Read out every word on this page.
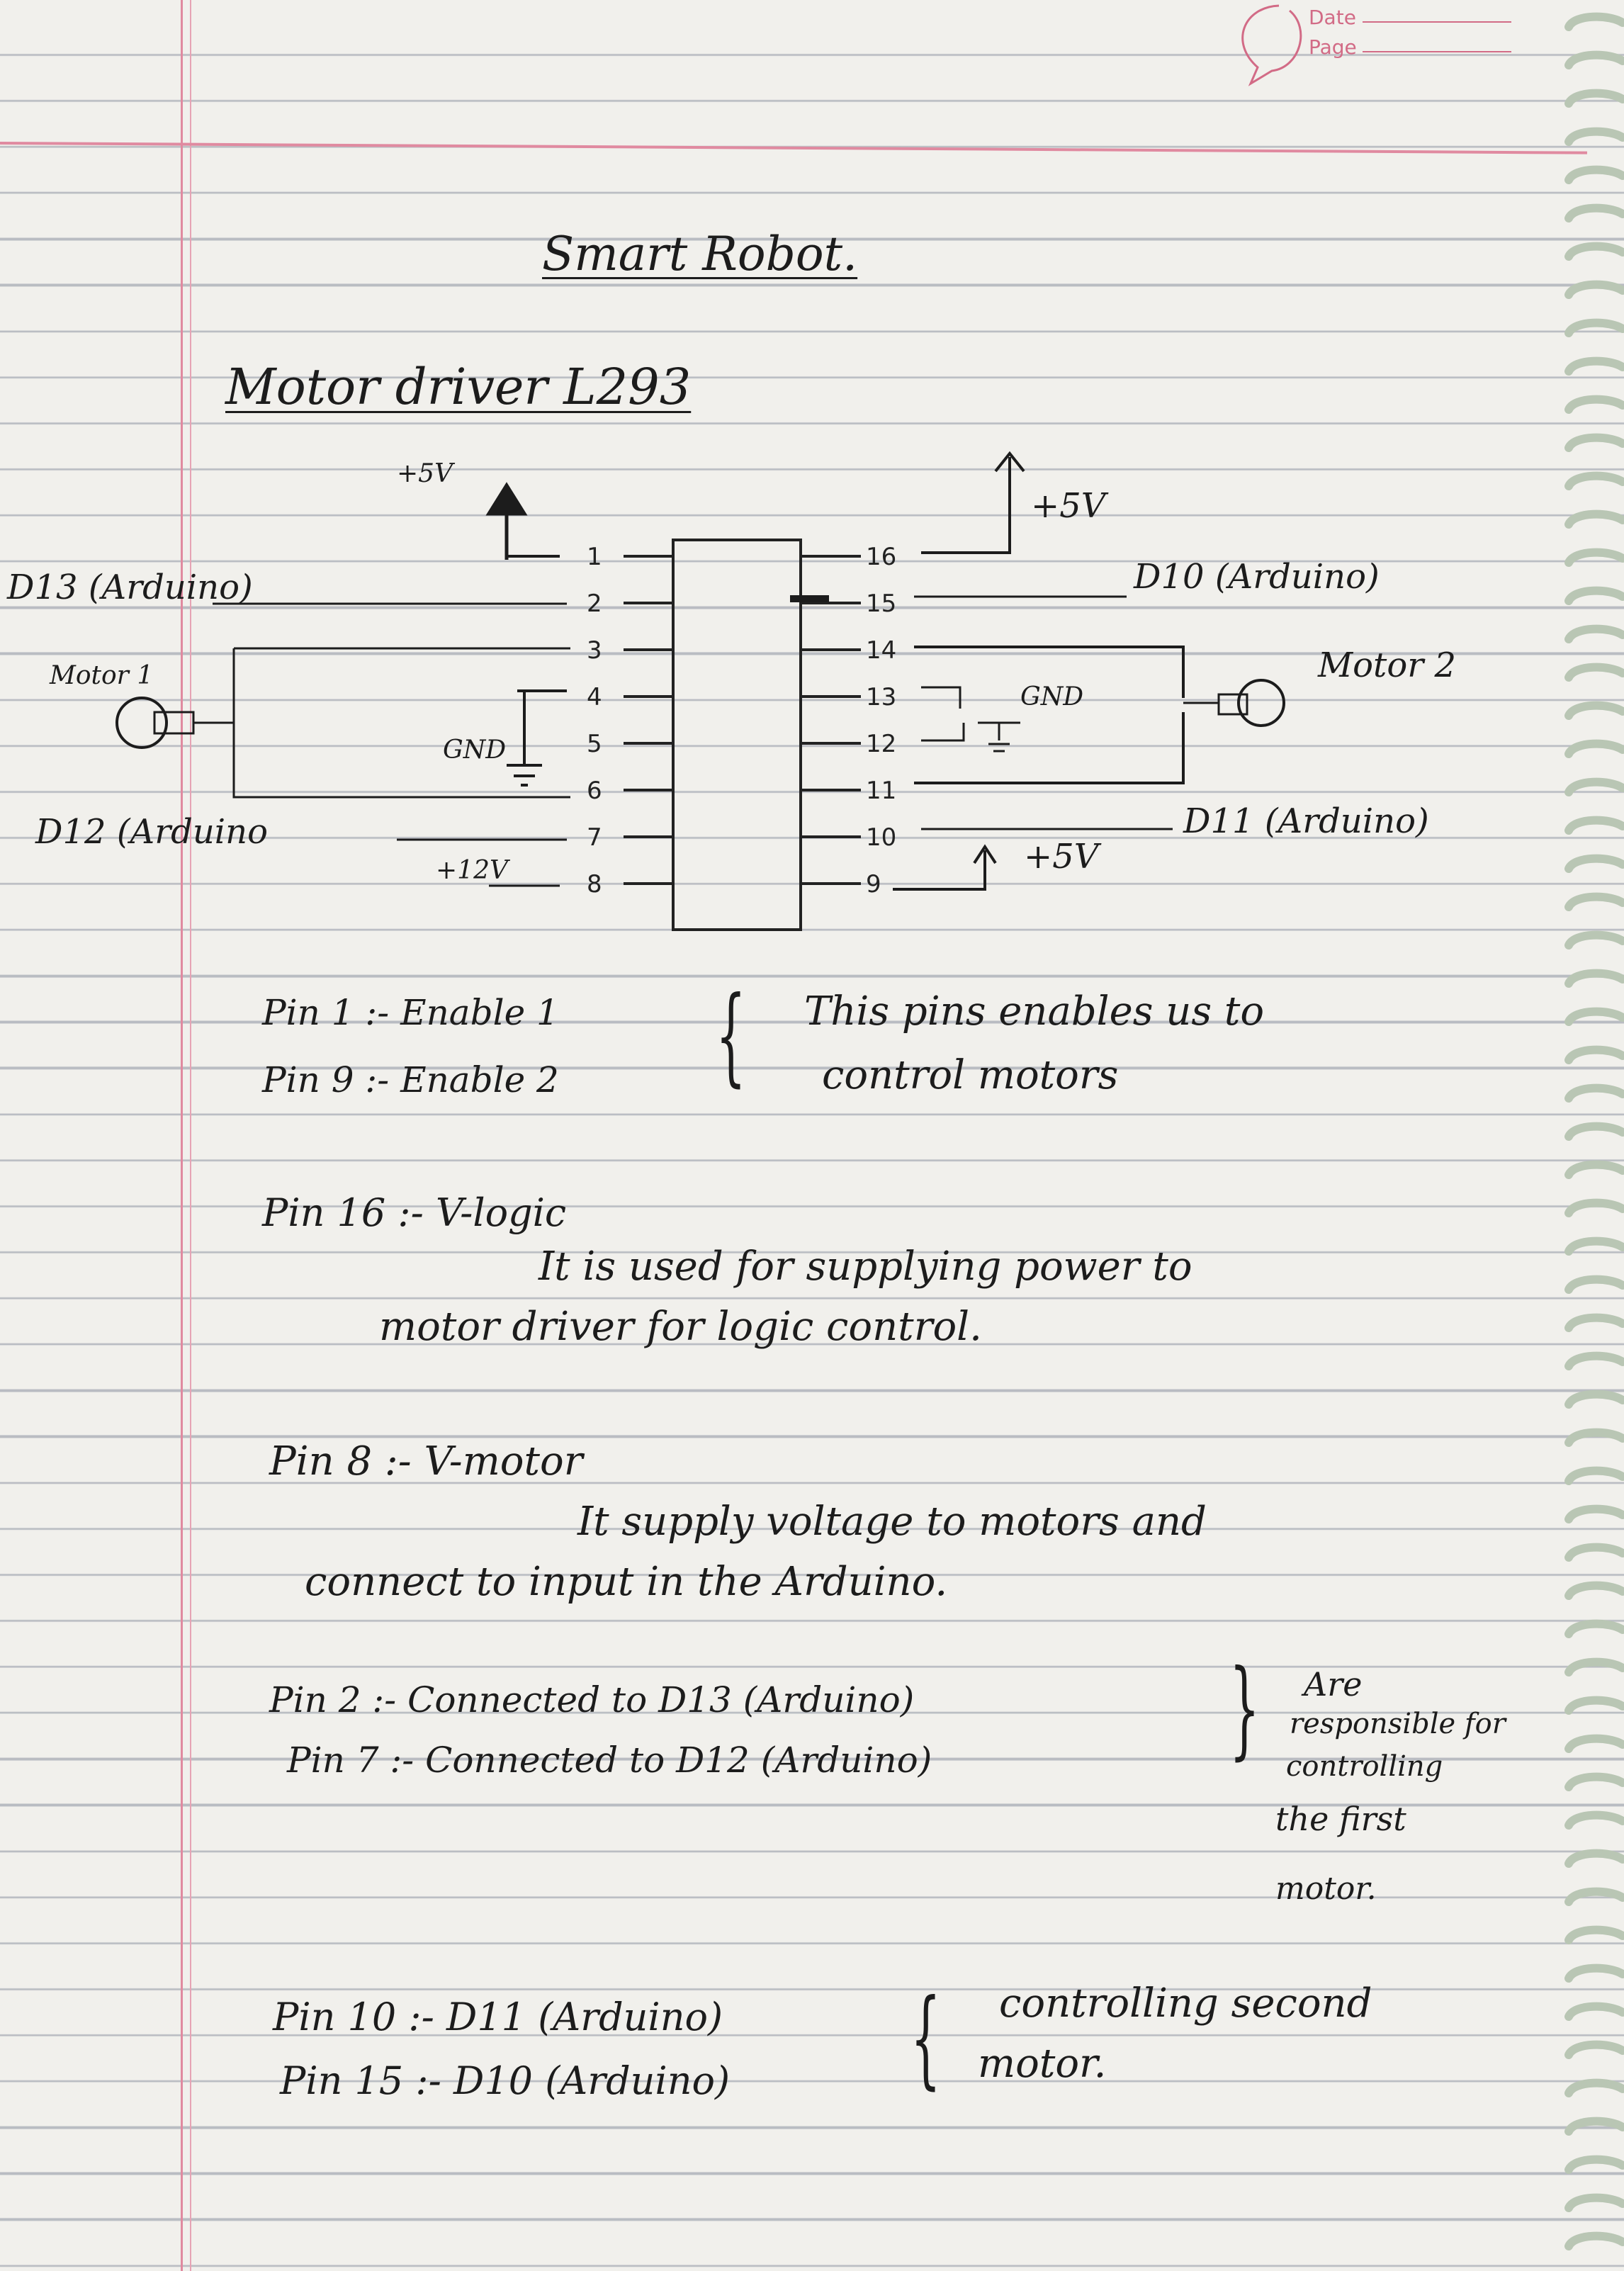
Date
Page
Smart Robot.
Motor driver L293
1
2
3
4
5
6
7
8
16
15
14
13
12
11
10
9
+5V
+5V
D13 (Arduino)	D10 (Arduino)
Motor 1
GND
D12 (Arduino
+12V
Motor 2
GND
D11 (Arduino)
+5V
Pin 1 :- Enable 1
Pin 9 :- Enable 2 { This pins enables us to
control motors
Pin 16 :- V-logic
It is used for supplying power to
motor driver for logic control.
Pin 8 :- V-motor
It supply voltage to motors and
connect to input in the Arduino.
Pin 2 :- Connected to D13 (Arduino)
Pin 7 :- Connected to D12 (Arduino)	} Are
responsible for
controlling
the first
motor.
Pin 10 :- D11 (Arduino)
Pin 15 :- D10 (Arduino) { controlling second
motor.
